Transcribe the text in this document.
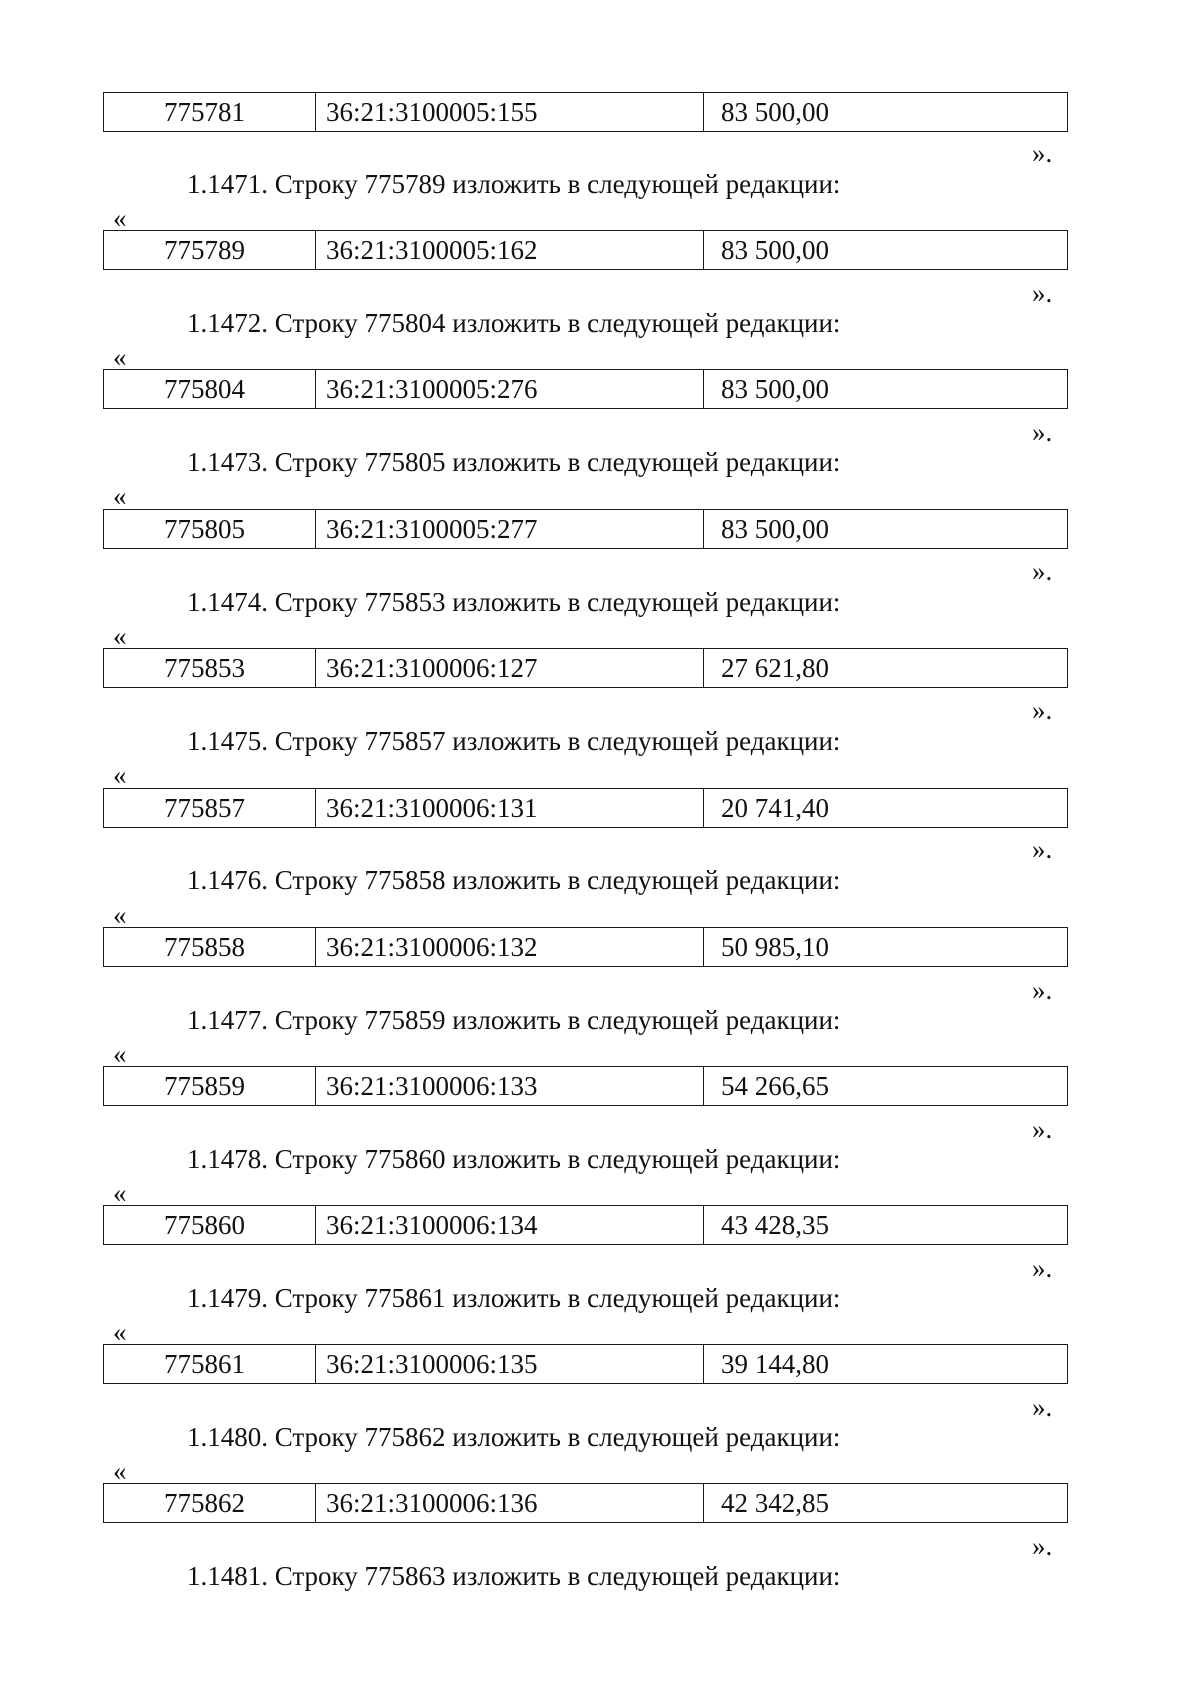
775781	36:21:3100005:155	83 500,00
».
1.1471. Строку 775789 изложить в следующей редакции:
«
775789	36:21:3100005:162	83 500,00
».
1.1472. Строку 775804 изложить в следующей редакции:
«
775804	36:21:3100005:276	83 500,00
».
1.1473. Строку 775805 изложить в следующей редакции:
«
775805	36:21:3100005:277	83 500,00
».
1.1474. Строку 775853 изложить в следующей редакции:
«
775853	36:21:3100006:127	27 621,80
».
1.1475. Строку 775857 изложить в следующей редакции:
«
775857	36:21:3100006:131	20 741,40
».
1.1476. Строку 775858 изложить в следующей редакции:
«
775858	36:21:3100006:132	50 985,10
».
1.1477. Строку 775859 изложить в следующей редакции:
«
775859	36:21:3100006:133	54 266,65
».
1.1478. Строку 775860 изложить в следующей редакции:
«
775860	36:21:3100006:134	43 428,35
».
1.1479. Строку 775861 изложить в следующей редакции:
«
775861	36:21:3100006:135	39 144,80
».
1.1480. Строку 775862 изложить в следующей редакции:
«
775862	36:21:3100006:136	42 342,85
».
1.1481. Строку 775863 изложить в следующей редакции:
